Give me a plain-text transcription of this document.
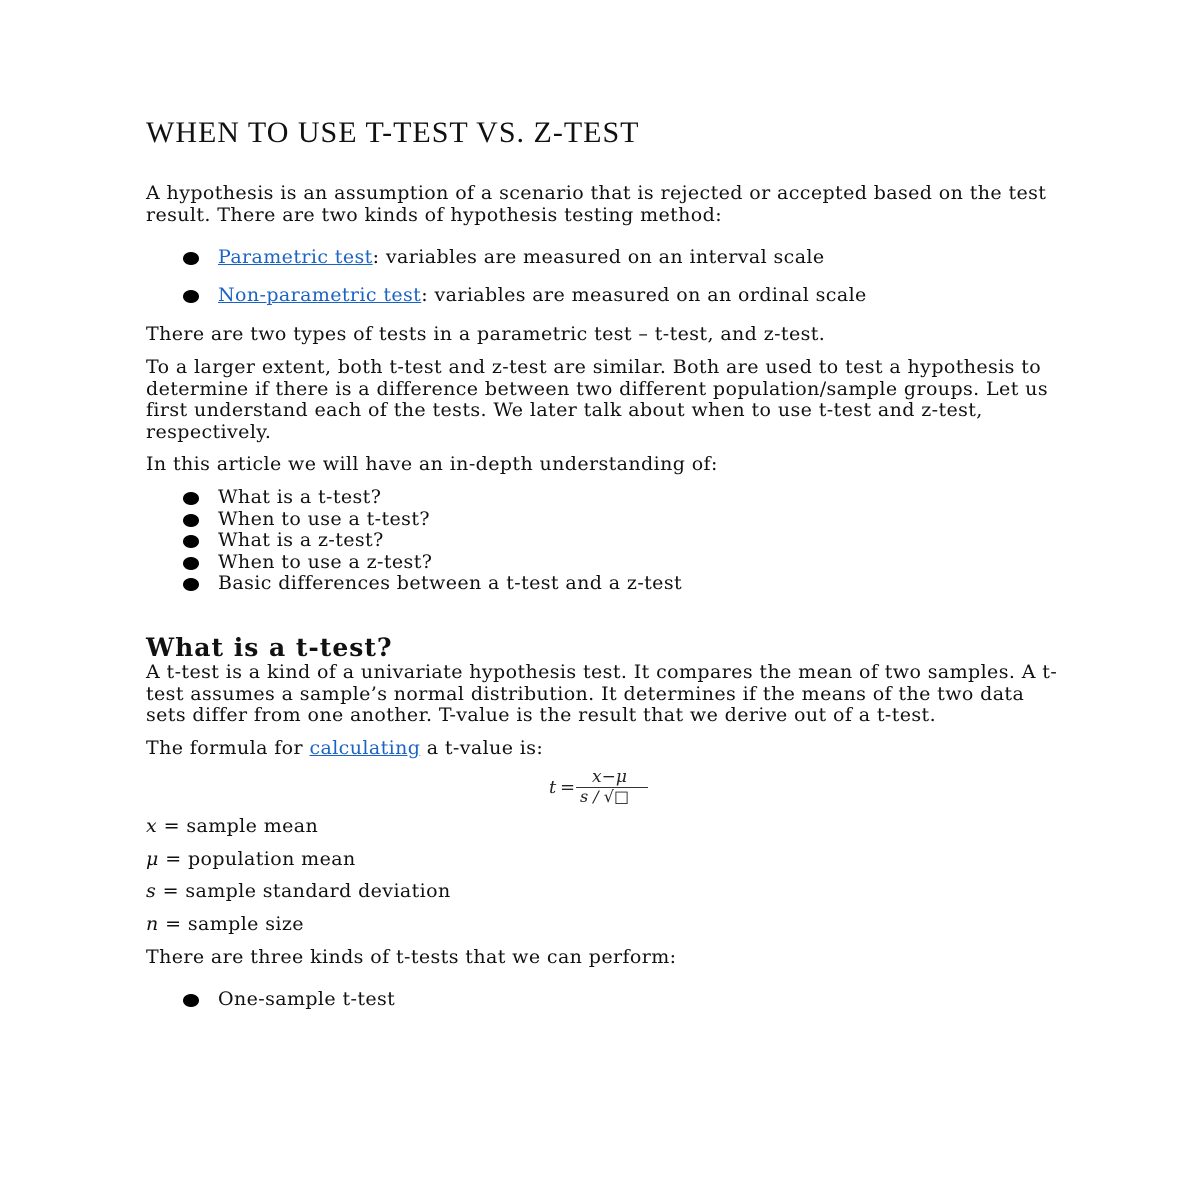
WHEN TO USE T-TEST VS. Z-TEST

A hypothesis is an assumption of a scenario that is rejected or accepted based on the test result. There are two kinds of hypothesis testing method:

Parametric test: variables are measured on an interval scale
Non-parametric test: variables are measured on an ordinal scale

There are two types of tests in a parametric test – t-test, and z-test.

To a larger extent, both t-test and z-test are similar. Both are used to test a hypothesis to determine if there is a difference between two different population/sample groups. Let us first understand each of the tests. We later talk about when to use t-test and z-test, respectively.

In this article we will have an in-depth understanding of:

What is a t-test?
When to use a t-test?
What is a z-test?
When to use a z-test?
Basic differences between a t-test and a z-test
What is a t-test?

A t-test is a kind of a univariate hypothesis test. It compares the mean of two samples. A t-test assumes a sample’s normal distribution. It determines if the means of the two data sets differ from one another. T-value is the result that we derive out of a t-test.

The formula for calculating a t-value is:

t = x−μ
s / √□

x = sample mean

μ = population mean

s = sample standard deviation

n = sample size

There are three kinds of t-tests that we can perform:

One-sample t-test
